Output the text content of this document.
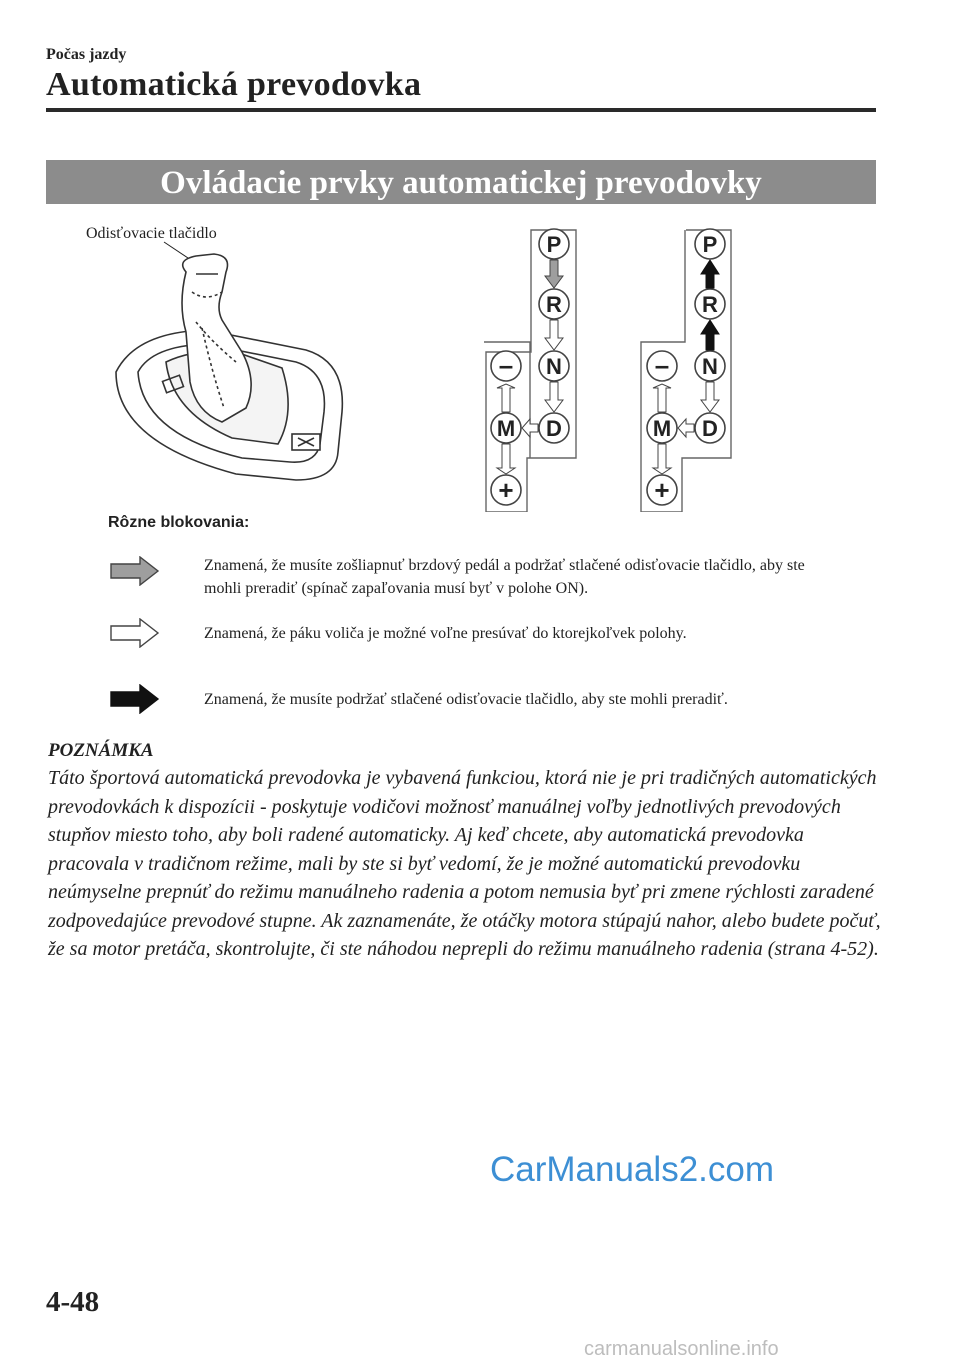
Počas jazdy
Automatická prevodovka
Ovládacie prvky automatickej prevodovky
Odisťovacie tlačidlo	P
R
N
D
M
–
+
P
R
N
D
M
–
+
Rôzne blokovania:
Znamená, že musíte zošliapnuť brzdový pedál a podržať stlačené odisťovacie tlačidlo, aby ste mohli preradiť (spínač zapaľovania musí byť v polohe ON).
Znamená, že páku voliča je možné voľne presúvať do ktorejkoľvek polohy.
Znamená, že musíte podržať stlačené odisťovacie tlačidlo, aby ste mohli preradiť.
POZNÁMKA
Táto športová automatická prevodovka je vybavená funkciou, ktorá nie je pri tradičných automatických prevodovkách k dispozícii - poskytuje vodičovi možnosť manuálnej voľby jednotlivých prevodových stupňov miesto toho, aby boli radené automaticky. Aj keď chcete, aby automatická prevodovka pracovala v tradičnom režime, mali by ste si byť vedomí, že je možné automatickú prevodovku neúmyselne prepnúť do režimu manuálneho radenia a potom nemusia byť pri zmene rýchlosti zaradené zodpovedajúce prevodové stupne. Ak zaznamenáte, že otáčky motora stúpajú nahor, alebo budete počuť, že sa motor pretáča, skontrolujte, či ste náhodou neprepli do režimu manuálneho radenia (strana 4-52).
CarManuals2.com
4-48
carmanualsonline.info
